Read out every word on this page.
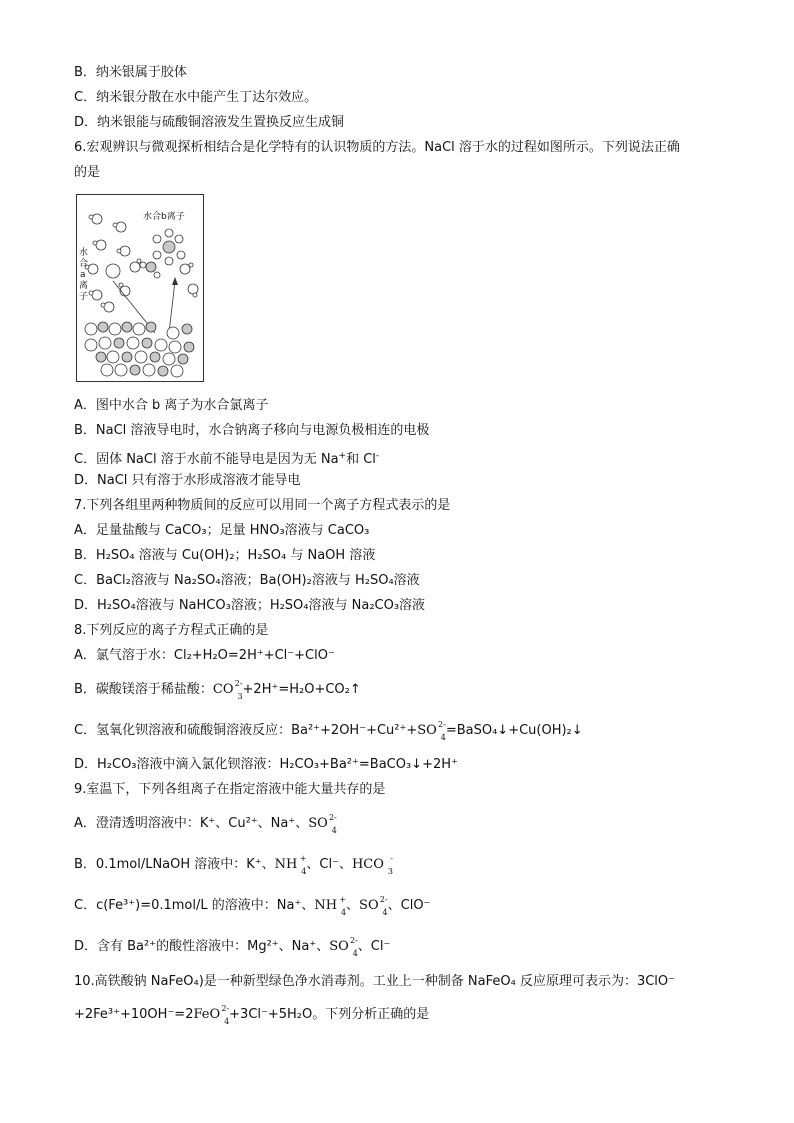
B．纳米银属于胶体
C．纳米银分散在水中能产生丁达尔效应。
D．纳米银能与硫酸铜溶液发生置换反应生成铜
6.宏观辨识与微观探析相结合是化学特有的认识物质的方法。NaCl 溶于水的过程如图所示。下列说法正确
的是
水合b离子
水
合
a
离
子
A．图中水合 b 离子为水合氯离子
B．NaCl 溶液导电时，水合钠离子移向与电源负极相连的电极
C．固体 NaCl 溶于水前不能导电是因为无 Na+和 Cl-
D．NaCl 只有溶于水形成溶液才能导电
7.下列各组里两种物质间的反应可以用同一个离子方程式表示的是
A．足量盐酸与 CaCO₃；足量 HNO₃溶液与 CaCO₃
B．H₂SO₄ 溶液与 Cu(OH)₂；H₂SO₄ 与 NaOH 溶液
C．BaCl₂溶液与 Na₂SO₄溶液；Ba(OH)₂溶液与 H₂SO₄溶液
D．H₂SO₄溶液与 NaHCO₃溶液；H₂SO₄溶液与 Na₂CO₃溶液
8.下列反应的离子方程式正确的是
A．氯气溶于水：Cl₂+H₂O=2H⁺+Cl⁻+ClO⁻
B．碳酸镁溶于稀盐酸：CO 2-
3 +2H⁺=H₂O+CO₂↑
C．氢氧化钡溶液和硫酸铜溶液反应：Ba²⁺+2OH⁻+Cu²⁺+SO 2-
4 =BaSO₄↓+Cu(OH)₂↓
D．H₂CO₃溶液中滴入氯化钡溶液：H₂CO₃+Ba²⁺=BaCO₃↓+2H⁺
9.室温下，下列各组离子在指定溶液中能大量共存的是
A．澄清透明溶液中：K⁺、Cu²⁺、Na⁺、SO 2-
4
B．0.1mol/LNaOH 溶液中：K⁺、NH +
4 、Cl⁻、HCO -
3
C．c(Fe³⁺)=0.1mol/L 的溶液中：Na⁺、NH +
4 、SO 2-
4 、ClO⁻
D．含有 Ba²⁺的酸性溶液中：Mg²⁺、Na⁺、SO 2-
4 、Cl⁻
10.高铁酸钠 NaFeO₄)是一种新型绿色净水消毒剂。工业上一种制备 NaFeO₄ 反应原理可表示为：3ClO⁻
+2Fe³⁺+10OH⁻=2FeO 2-
4 +3Cl⁻+5H₂O。下列分析正确的是
